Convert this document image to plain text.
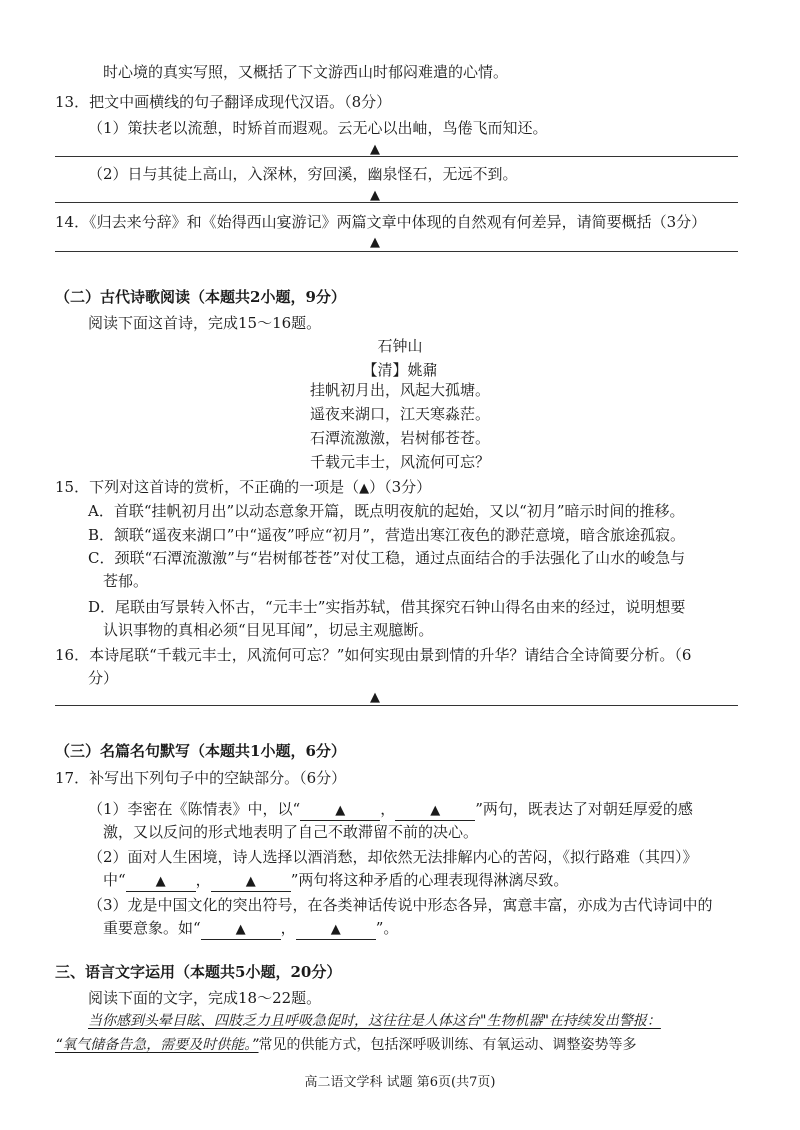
时心境的真实写照，又概括了下文游西山时郁闷难遣的心情。
13．把文中画横线的句子翻译成现代汉语。（8分）
（1）策扶老以流憩，时矫首而遐观。云无心以出岫，鸟倦飞而知还。
▲
（2）日与其徒上高山，入深林，穷回溪，幽泉怪石，无远不到。
▲
14．《归去来兮辞》和《始得西山宴游记》两篇文章中体现的自然观有何差异，请简要概括（3分）
▲
（二）古代诗歌阅读（本题共2小题，9分）
阅读下面这首诗，完成15～16题。
石钟山
【清】姚鼐
挂帆初月出，风起大孤塘。
遥夜来湖口，江天寒淼茫。
石潭流激激，岩树郁苍苍。
千载元丰士，风流何可忘？
15．下列对这首诗的赏析，不正确的一项是（▲）（3分）
A．首联“挂帆初月出”以动态意象开篇，既点明夜航的起始，又以“初月”暗示时间的推移。
B．颔联“遥夜来湖口”中“遥夜”呼应“初月”，营造出寒江夜色的渺茫意境，暗含旅途孤寂。
C．颈联“石潭流激激”与“岩树郁苍苍”对仗工稳，通过点面结合的手法强化了山水的峻急与
苍郁。
D．尾联由写景转入怀古，“元丰士”实指苏轼，借其探究石钟山得名由来的经过，说明想要
认识事物的真相必须“目见耳闻”，切忌主观臆断。
16．本诗尾联“千载元丰士，风流何可忘？”如何实现由景到情的升华？请结合全诗简要分析。（6
分）
▲
（三）名篇名句默写（本题共1小题，6分）
17．补写出下列句子中的空缺部分。（6分）
（1）李密在《陈情表》中，以“	▲ ，	▲ ”两句，既表达了对朝廷厚爱的感
激，又以反问的形式地表明了自己不敢滞留不前的决心。
（2）面对人生困境，诗人选择以酒消愁，却依然无法排解内心的苦闷，《拟行路难（其四）》
中“ ▲ ，	▲ ”两句将这种矛盾的心理表现得淋漓尽致。
（3）龙是中国文化的突出符号，在各类神话传说中形态各异，寓意丰富，亦成为古代诗词中的
重要意象。如“	▲ ，	▲ ”。
三、语言文字运用（本题共5小题，20分）
阅读下面的文字，完成18～22题。
当你感到头晕目眩、四肢乏力且呼吸急促时，这往往是人体这台"生物机器"在持续发出警报：
“氧气储备告急，需要及时供能。”常见的供能方式，包括深呼吸训练、有氧运动、调整姿势等多
高二语文学科 试题 第6页(共7页)
